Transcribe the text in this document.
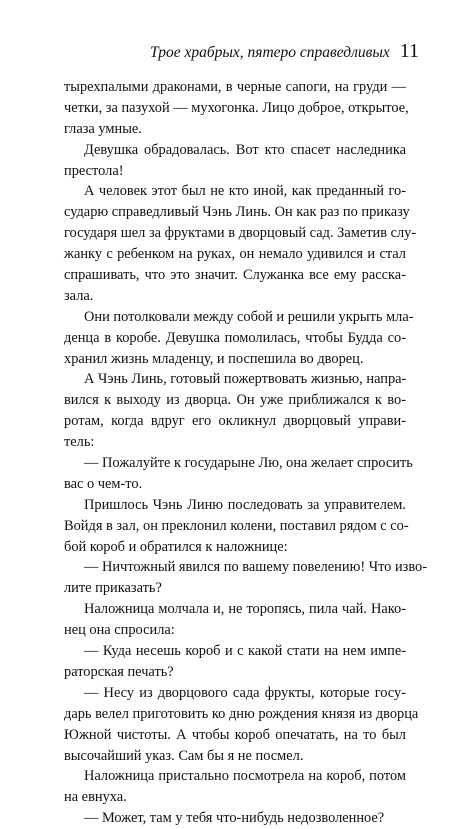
Трое храбрых, пятеро справедливых 11
тырехпалыми драконами, в черные сапоги, на груди —
четки, за пазухой — мухогонка. Лицо доброе, открытое,
глаза умные.
Девушка обрадовалась. Вот кто спасет наследника
престола!
А человек этот был не кто иной, как преданный го-
сударю справедливый Чэнь Линь. Он как раз по приказу
государя шел за фруктами в дворцовый сад. Заметив слу-
жанку с ребенком на руках, он немало удивился и стал
спрашивать, что это значит. Служанка все ему расска-
зала.
Они потолковали между собой и решили укрыть мла-
денца в коробе. Девушка помолилась, чтобы Будда со-
хранил жизнь младенцу, и поспешила во дворец.
А Чэнь Линь, готовый пожертвовать жизнью, напра-
вился к выходу из дворца. Он уже приближался к во-
ротам, когда вдруг его окликнул дворцовый управи-
тель:
— Пожалуйте к государыне Лю, она желает спросить
вас о чем-то.
Пришлось Чэнь Линю последовать за управителем.
Войдя в зал, он преклонил колени, поставил рядом с со-
бой короб и обратился к наложнице:
— Ничтожный явился по вашему повелению! Что изво-
лите приказать?
Наложница молчала и, не торопясь, пила чай. Нако-
нец она спросила:
— Куда несешь короб и с какой стати на нем импе-
раторская печать?
— Несу из дворцового сада фрукты, которые госу-
дарь велел приготовить ко дню рождения князя из дворца
Южной чистоты. А чтобы короб опечатать, на то был
высочайший указ. Сам бы я не посмел.
Наложница пристально посмотрела на короб, потом
на евнуха.
— Может, там у тебя что-нибудь недозволенное?
